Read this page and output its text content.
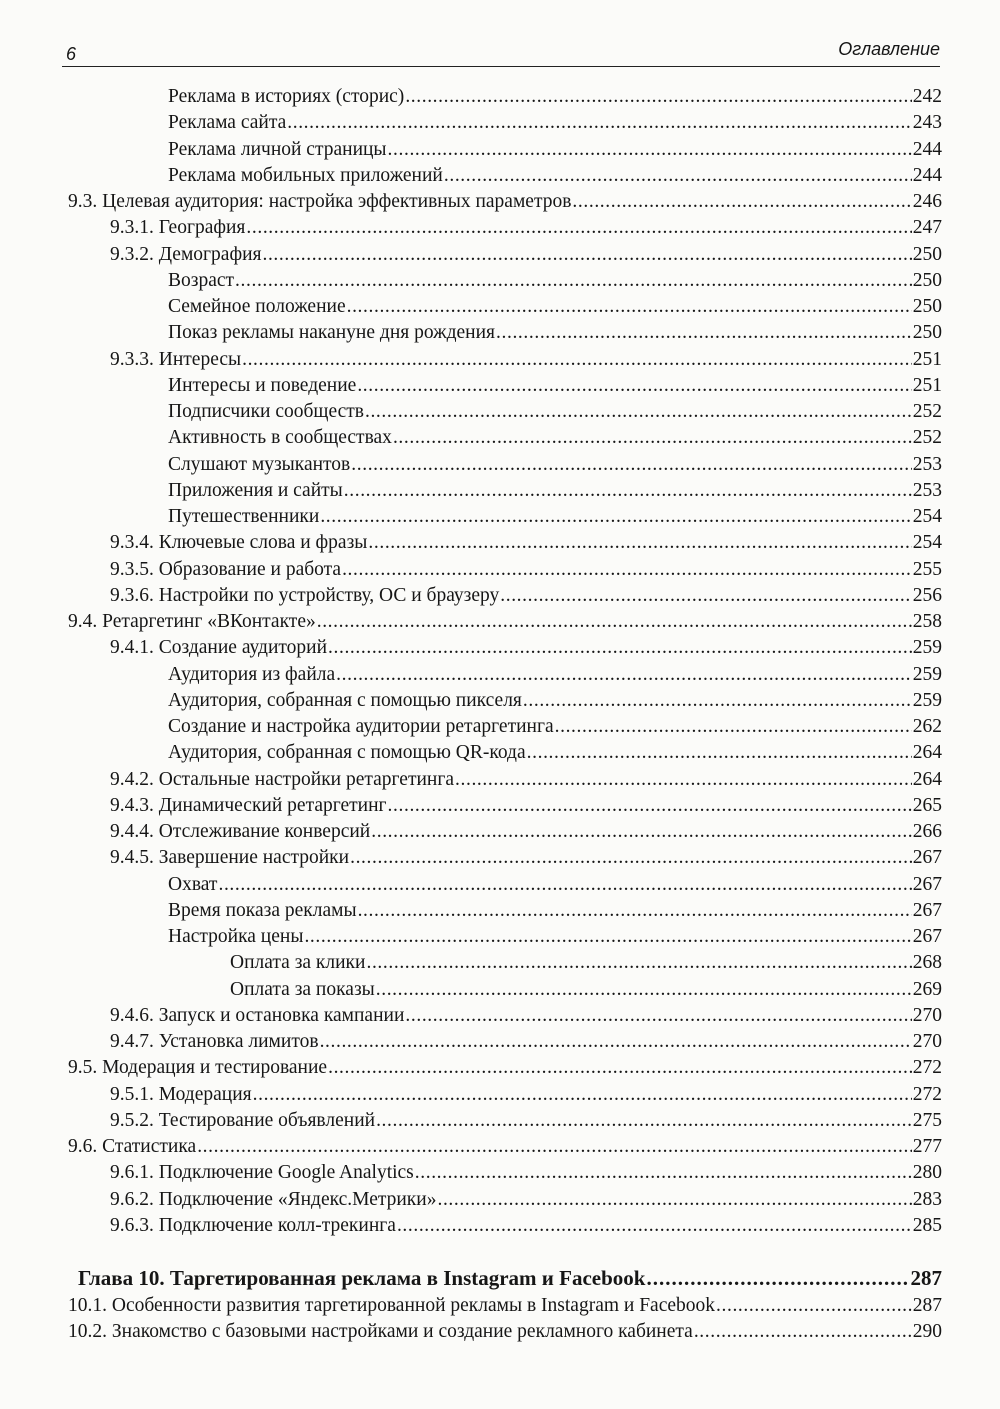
6	Оглавление
Реклама в историях (сторис) .....	242
Реклама сайта .....	243
Реклама личной страницы .....	244
Реклама мобильных приложений .....	244
9.3. Целевая аудитория: настройка эффективных параметров .....	246
9.3.1. География .....	247
9.3.2. Демография .....	250
Возраст .....	250
Семейное положение .....	250
Показ рекламы накануне дня рождения .....	250
9.3.3. Интересы .....	251
Интересы и поведение .....	251
Подписчики сообществ .....	252
Активность в сообществах .....	252
Слушают музыкантов .....	253
Приложения и сайты .....	253
Путешественники .....	254
9.3.4. Ключевые слова и фразы .....	254
9.3.5. Образование и работа .....	255
9.3.6. Настройки по устройству, ОС и браузеру .....	256
9.4. Ретаргетинг «ВКонтакте» .....	258
9.4.1. Создание аудиторий .....	259
Аудитория из файла .....	259
Аудитория, собранная с помощью пикселя .....	259
Создание и настройка аудитории ретаргетинга .....	262
Аудитория, собранная с помощью QR-кода .....	264
9.4.2. Остальные настройки ретаргетинга .....	264
9.4.3. Динамический ретаргетинг .....	265
9.4.4. Отслеживание конверсий .....	266
9.4.5. Завершение настройки .....	267
Охват .....	267
Время показа рекламы .....	267
Настройка цены .....	267
Оплата за клики .....	268
Оплата за показы .....	269
9.4.6. Запуск и остановка кампании .....	270
9.4.7. Установка лимитов .....	270
9.5. Модерация и тестирование .....	272
9.5.1. Модерация .....	272
9.5.2. Тестирование объявлений .....	275
9.6. Статистика .....	277
9.6.1. Подключение Google Analytics .....	280
9.6.2. Подключение «Яндекс.Метрики» .....	283
9.6.3. Подключение колл-трекинга .....	285
Глава 10. Таргетированная реклама в Instagram и Facebook .....	287
10.1. Особенности развития таргетированной рекламы в Instagram и Facebook .....	287
10.2. Знакомство с базовыми настройками и создание рекламного кабинета .....	290
